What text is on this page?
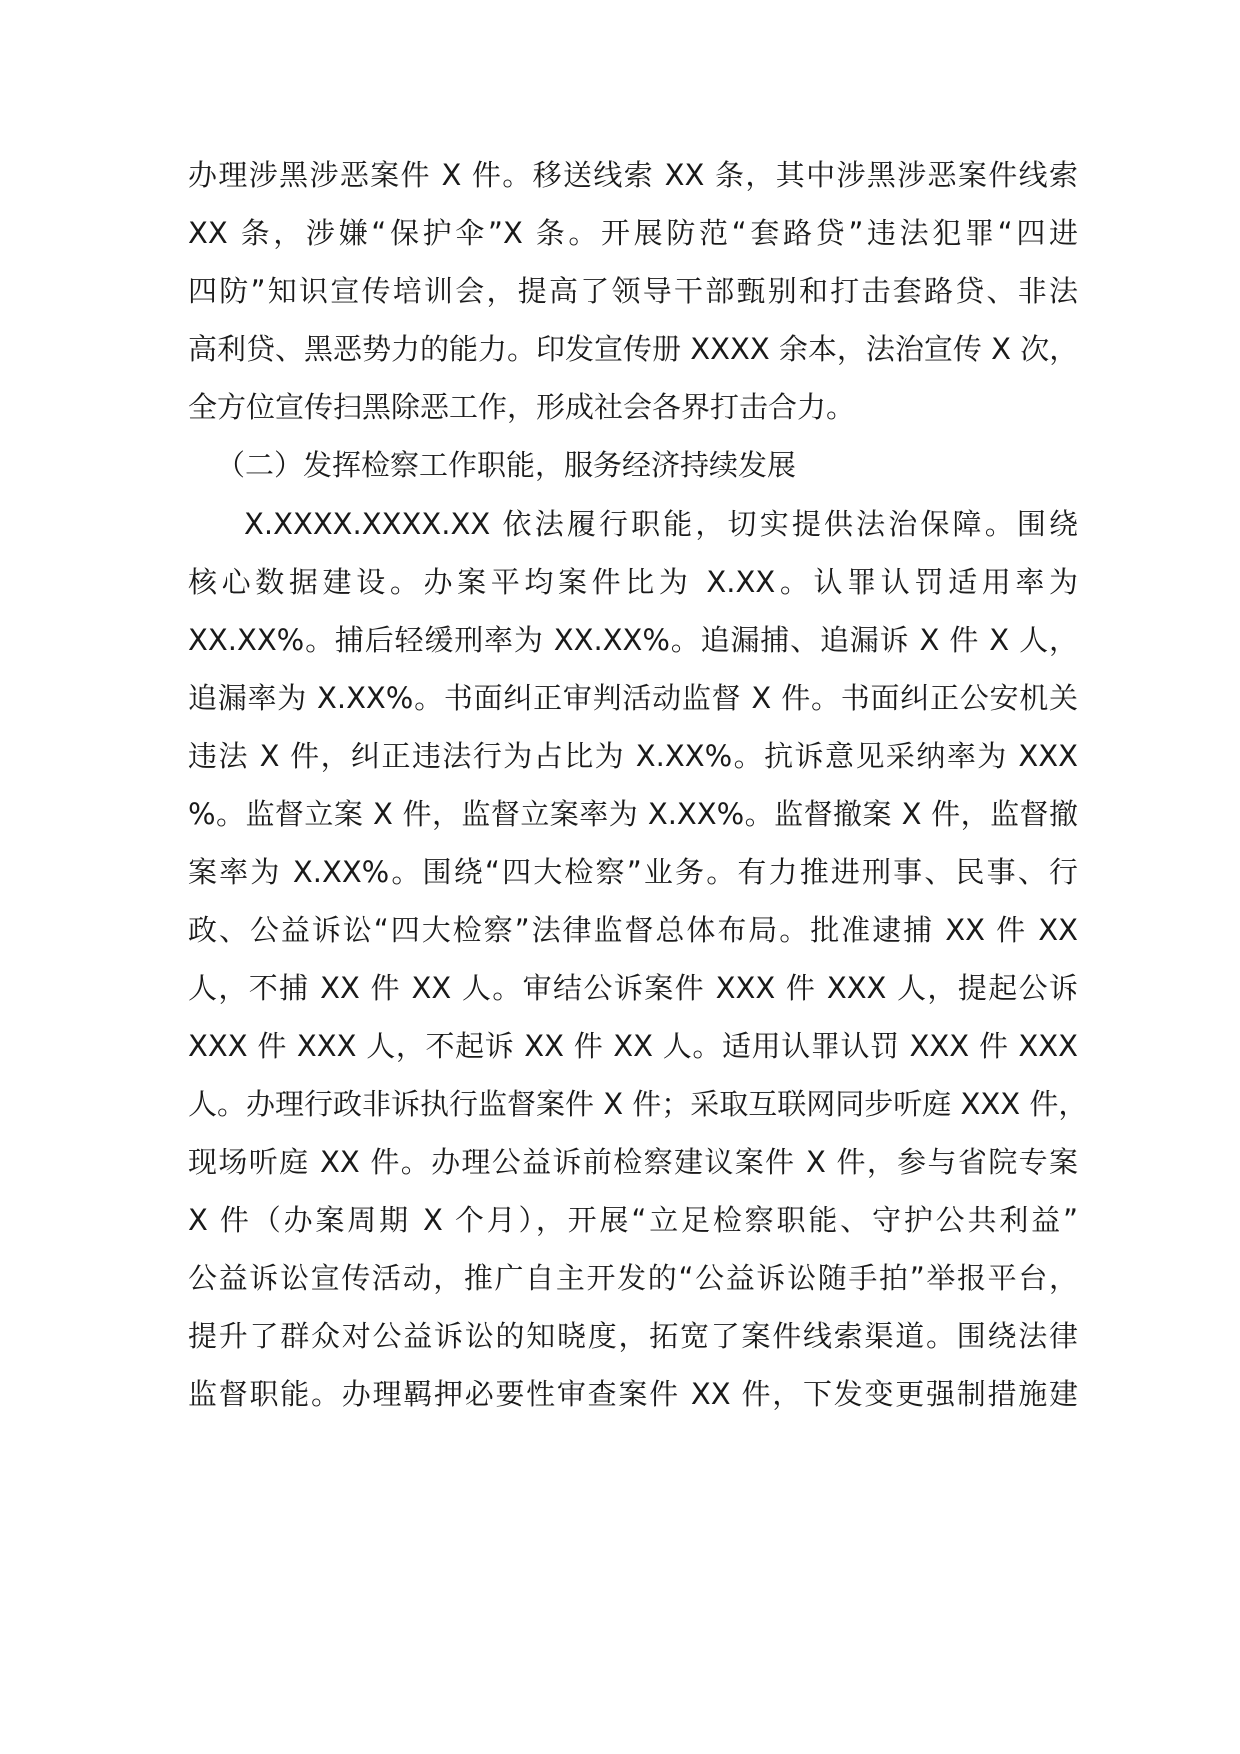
办理涉黑涉恶案件 X 件。移送线索 XX 条，其中涉黑涉恶案件线索
XX 条，涉嫌“保护伞”X 条。开展防范“套路贷”违法犯罪“四进
四防”知识宣传培训会，提高了领导干部甄别和打击套路贷、非法
高利贷、黑恶势力的能力。印发宣传册 XXXX 余本，法治宣传 X 次，
全方位宣传扫黑除恶工作，形成社会各界打击合力。
（二）发挥检察工作职能，服务经济持续发展
X.XXXX.XXXX.XX 依法履行职能，切实提供法治保障。围绕
核心数据建设。办案平均案件比为 X.XX。认罪认罚适用率为
XX.XX%。捕后轻缓刑率为 XX.XX%。追漏捕、追漏诉 X 件 X 人，
追漏率为 X.XX%。书面纠正审判活动监督 X 件。书面纠正公安机关
违法 X 件，纠正违法行为占比为 X.XX%。抗诉意见采纳率为 XXX
%。监督立案 X 件，监督立案率为 X.XX%。监督撤案 X 件，监督撤
案率为 X.XX%。围绕“四大检察”业务。有力推进刑事、民事、行
政、公益诉讼“四大检察”法律监督总体布局。批准逮捕 XX 件 XX
人，不捕 XX 件 XX 人。审结公诉案件 XXX 件 XXX 人，提起公诉
XXX 件 XXX 人，不起诉 XX 件 XX 人。适用认罪认罚 XXX 件 XXX
人。办理行政非诉执行监督案件 X 件；采取互联网同步听庭 XXX 件，
现场听庭 XX 件。办理公益诉前检察建议案件 X 件，参与省院专案
X 件（办案周期 X 个月），开展“立足检察职能、守护公共利益”
公益诉讼宣传活动，推广自主开发的“公益诉讼随手拍”举报平台，
提升了群众对公益诉讼的知晓度，拓宽了案件线索渠道。围绕法律
监督职能。办理羁押必要性审查案件 XX 件，下发变更强制措施建
